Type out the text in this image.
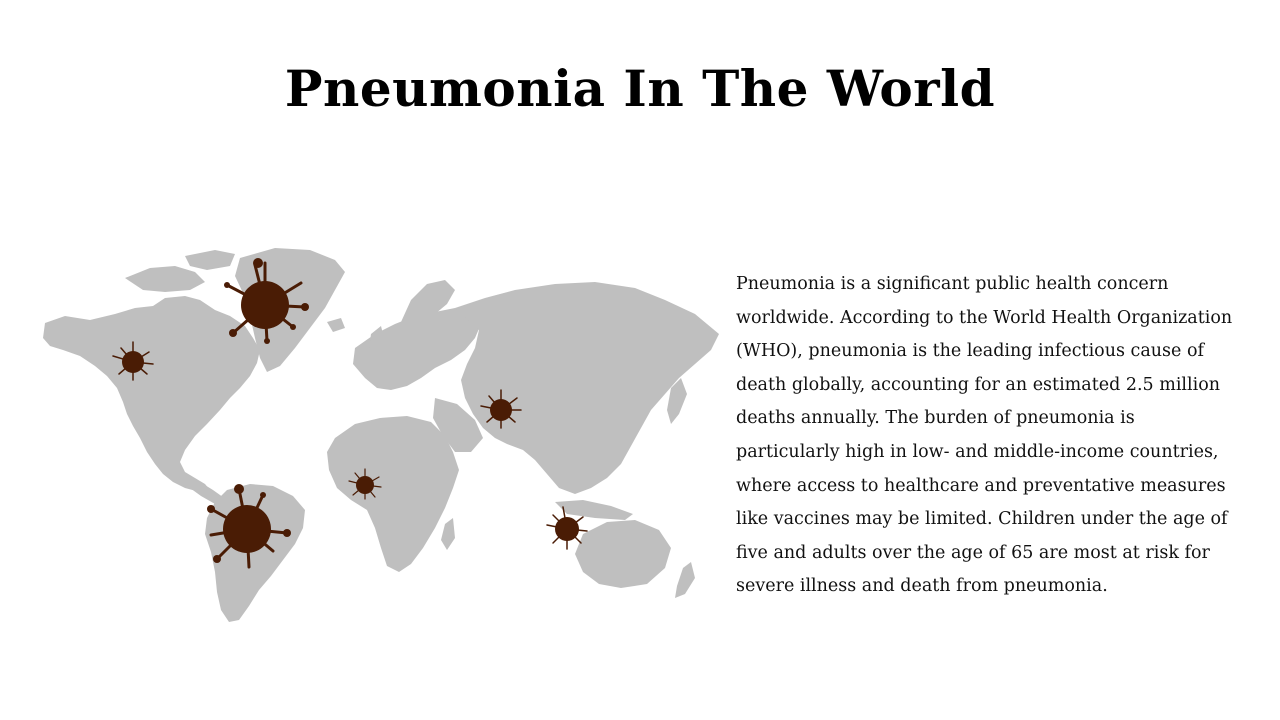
Pneumonia In The World

Pneumonia is a significant public health concern worldwide. According to the World Health Organization (WHO), pneumonia is the leading infectious cause of death globally, accounting for an estimated 2.5 million deaths annually. The burden of pneumonia is particularly high in low- and middle-income countries, where access to healthcare and preventative measures like vaccines may be limited. Children under the age of five and adults over the age of 65 are most at risk for severe illness and death from pneumonia.
